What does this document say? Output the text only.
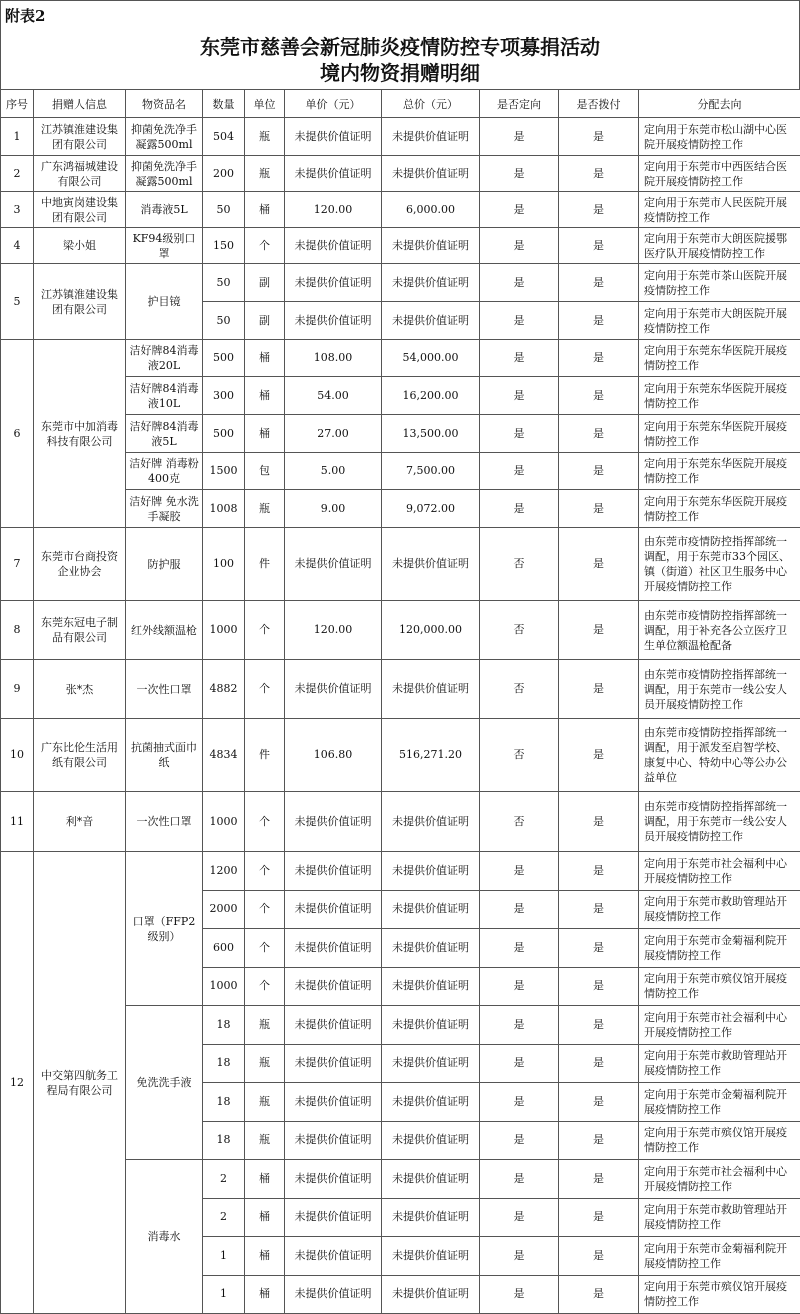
附表2
东莞市慈善会新冠肺炎疫情防控专项募捐活动
境内物资捐赠明细
序号	捐赠人信息	物资品名	数量	单位	单价（元）	总价（元）	是否定向	是否拨付	分配去向
1	江苏镇淮建设集团有限公司	抑菌免洗净手凝露500ml	504	瓶	未提供价值证明	未提供价值证明	是	是	定向用于东莞市松山湖中心医院开展疫情防控工作
2	广东鸿福城建设有限公司	抑菌免洗净手凝露500ml	200	瓶	未提供价值证明	未提供价值证明	是	是	定向用于东莞市中西医结合医院开展疫情防控工作
3	中地寅岗建设集团有限公司	消毒液5L	50	桶	120.00	6,000.00	是	是	定向用于东莞市人民医院开展疫情防控工作
4	梁小姐	KF94级别口罩	150	个	未提供价值证明	未提供价值证明	是	是	定向用于东莞市大朗医院援鄂医疗队开展疫情防控工作
5	江苏镇淮建设集团有限公司	护目镜	50	副	未提供价值证明	未提供价值证明	是	是	定向用于东莞市茶山医院开展疫情防控工作
			50	副	未提供价值证明	未提供价值证明	是	是	定向用于东莞市大朗医院开展疫情防控工作
6	东莞市中加消毒科技有限公司	洁好牌84消毒液20L	500	桶	108.00	54,000.00	是	是	定向用于东莞东华医院开展疫情防控工作
		洁好牌84消毒液10L	300	桶	54.00	16,200.00	是	是	定向用于东莞东华医院开展疫情防控工作
		洁好牌84消毒液5L	500	桶	27.00	13,500.00	是	是	定向用于东莞东华医院开展疫情防控工作
		洁好牌 消毒粉400克	1500	包	5.00	7,500.00	是	是	定向用于东莞东华医院开展疫情防控工作
		洁好牌 免水洗手凝胶	1008	瓶	9.00	9,072.00	是	是	定向用于东莞东华医院开展疫情防控工作
7	东莞市台商投资企业协会	防护服	100	件	未提供价值证明	未提供价值证明	否	是	由东莞市疫情防控指挥部统一调配，用于东莞市33个园区、镇（街道）社区卫生服务中心开展疫情防控工作
8	东莞东冠电子制品有限公司	红外线额温枪	1000	个	120.00	120,000.00	否	是	由东莞市疫情防控指挥部统一调配，用于补充各公立医疗卫生单位额温枪配备
9	张*杰	一次性口罩	4882	个	未提供价值证明	未提供价值证明	否	是	由东莞市疫情防控指挥部统一调配，用于东莞市一线公安人员开展疫情防控工作
10	广东比伦生活用纸有限公司	抗菌抽式面巾纸	4834	件	106.80	516,271.20	否	是	由东莞市疫情防控指挥部统一调配，用于派发至启智学校、康复中心、特幼中心等公办公益单位
11	利*音	一次性口罩	1000	个	未提供价值证明	未提供价值证明	否	是	由东莞市疫情防控指挥部统一调配，用于东莞市一线公安人员开展疫情防控工作
12	中交第四航务工程局有限公司	口罩（FFP2级别）	1200	个	未提供价值证明	未提供价值证明	是	是	定向用于东莞市社会福利中心开展疫情防控工作
			2000	个	未提供价值证明	未提供价值证明	是	是	定向用于东莞市救助管理站开展疫情防控工作
			600	个	未提供价值证明	未提供价值证明	是	是	定向用于东莞市金菊福利院开展疫情防控工作
			1000	个	未提供价值证明	未提供价值证明	是	是	定向用于东莞市殡仪馆开展疫情防控工作
		免洗洗手液	18	瓶	未提供价值证明	未提供价值证明	是	是	定向用于东莞市社会福利中心开展疫情防控工作
			18	瓶	未提供价值证明	未提供价值证明	是	是	定向用于东莞市救助管理站开展疫情防控工作
			18	瓶	未提供价值证明	未提供价值证明	是	是	定向用于东莞市金菊福利院开展疫情防控工作
			18	瓶	未提供价值证明	未提供价值证明	是	是	定向用于东莞市殡仪馆开展疫情防控工作
		消毒水	2	桶	未提供价值证明	未提供价值证明	是	是	定向用于东莞市社会福利中心开展疫情防控工作
			2	桶	未提供价值证明	未提供价值证明	是	是	定向用于东莞市救助管理站开展疫情防控工作
			1	桶	未提供价值证明	未提供价值证明	是	是	定向用于东莞市金菊福利院开展疫情防控工作
			1	桶	未提供价值证明	未提供价值证明	是	是	定向用于东莞市殡仪馆开展疫情防控工作
